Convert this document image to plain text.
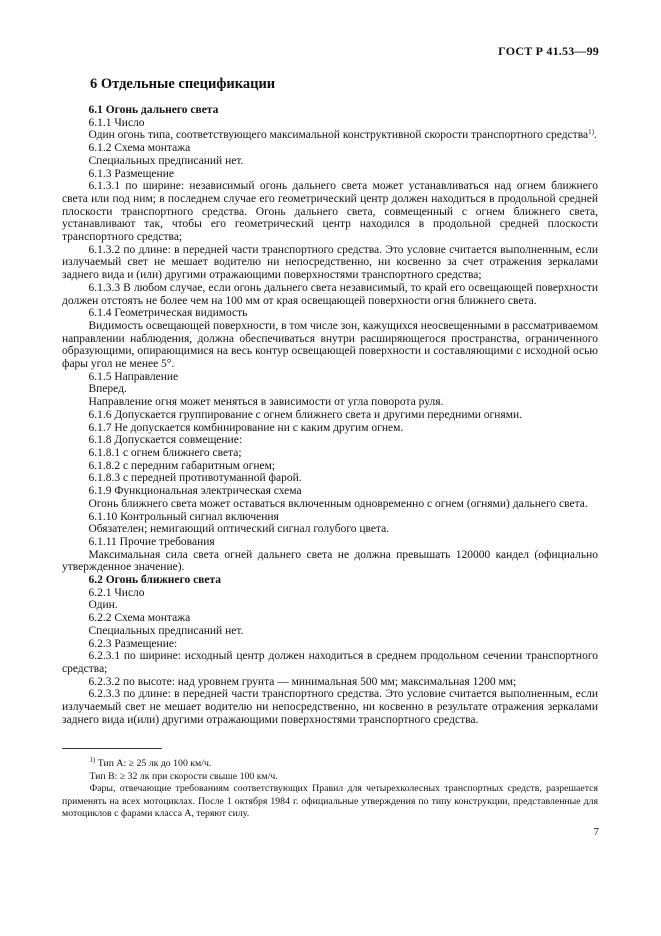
ГОСТ Р 41.53—99
6 Отдельные спецификации

6.1 Огонь дальнего света

6.1.1 Число

Один огонь типа, соответствующего максимальной конструктивной скорости транспортного средства$^{1)}$.

6.1.2 Схема монтажа

Специальных предписаний нет.

6.1.3 Размещение

6.1.3.1 по ширине: независимый огонь дальнего света может устанавливаться над огнем ближнего света или под ним; в последнем случае его геометрический центр должен находиться в продольной средней плоскости транспортного средства. Огонь дальнего света, совмещенный с огнем ближнего света, устанавливают так, чтобы его геометрический центр находился в продольной средней плоскости транспортного средства;

6.1.3.2 по длине: в передней части транспортного средства. Это условие считается выполненным, если излучаемый свет не мешает водителю ни непосредственно, ни косвенно за счет отражения зеркалами заднего вида и (или) другими отражающими поверхностями транспортного средства;

6.1.3.3 В любом случае, если огонь дальнего света независимый, то край его освещающей поверхности должен отстоять не более чем на 100 мм от края освещающей поверхности огня ближнего света.

6.1.4 Геометрическая видимость

Видимость освещающей поверхности, в том числе зон, кажущихся неосвещенными в рассматриваемом направлении наблюдения, должна обеспечиваться внутри расширяющегося пространства, ограниченного образующими, опирающимися на весь контур освещающей поверхности и составляющими с исходной осью фары угол не менее 5°.

6.1.5 Направление

Вперед.

Направление огня может меняться в зависимости от угла поворота руля.

6.1.6 Допускается группирование с огнем ближнего света и другими передними огнями.

6.1.7 Не допускается комбинирование ни с каким другим огнем.

6.1.8 Допускается совмещение:

6.1.8.1 с огнем ближнего света;

6.1.8.2 с передним габаритным огнем;

6.1.8.3 с передней противотуманной фарой.

6.1.9 Функциональная электрическая схема

Огонь ближнего света может оставаться включенным одновременно с огнем (огнями) дальнего света.

6.1.10 Контрольный сигнал включения

Обязателен; немигающий оптический сигнал голубого цвета.

6.1.11 Прочие требования

Максимальная сила света огней дальнего света не должна превышать 120000 кандел (официально утвержденное значение).

6.2 Огонь ближнего света

6.2.1 Число

Один.

6.2.2 Схема монтажа

Специальных предписаний нет.

6.2.3 Размещение:

6.2.3.1 по ширине: исходный центр должен находиться в среднем продольном сечении транспортного средства;

6.2.3.2 по высоте: над уровнем грунта — минимальная 500 мм; максимальная 1200 мм;

6.2.3.3 по длине: в передней части транспортного средства. Это условие считается выполненным, если излучаемый свет не мешает водителю ни непосредственно, ни косвенно в результате отражения зеркалами заднего вида и(или) другими отражающими поверхностями транспортного средства.

$^{1)}$ Тип А: ≥ 25 лк до 100 км/ч.

Тип В: ≥ 32 лк при скорости свыше 100 км/ч.

Фары, отвечающие требованиям соответствующих Правил для четырехколесных транспортных средств, разрешается применять на всех мотоциклах. После 1 октября 1984 г. официальные утверждения по типу конструкции, представленные для мотоциклов с фарами класса А, теряют силу.

7
